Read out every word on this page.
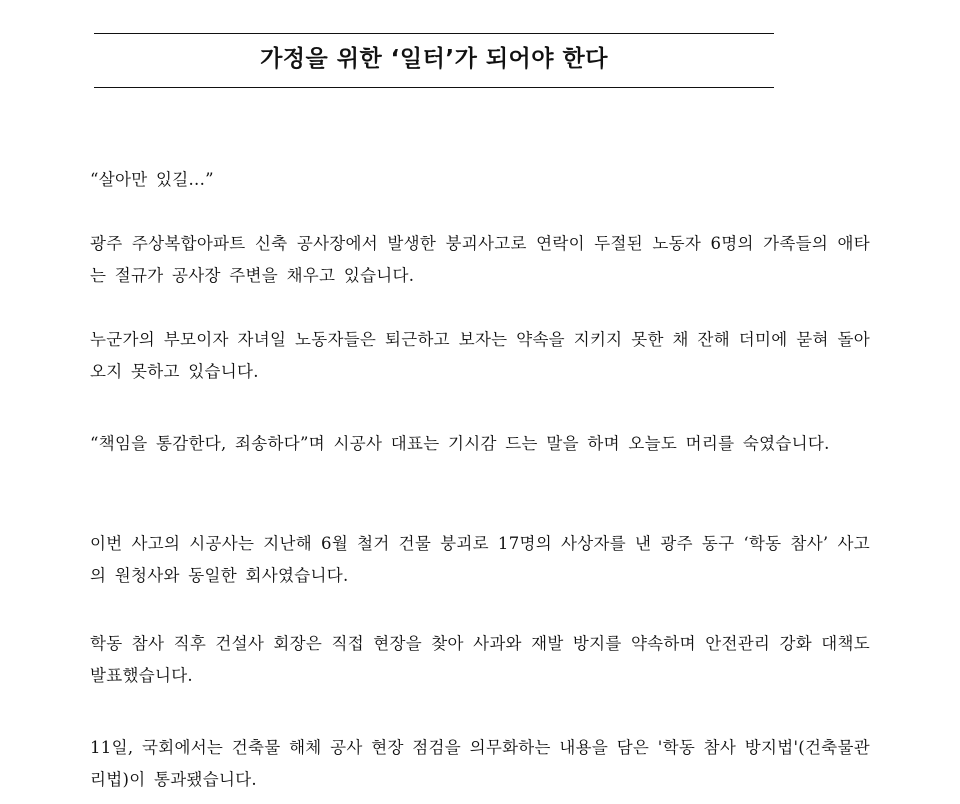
가정을 위한 ‘일터’가 되어야 한다

“살아만 있길...”

광주 주상복합아파트 신축 공사장에서 발생한 붕괴사고로 연락이 두절된 노동자 6명의 가족들의 애타는 절규가 공사장 주변을 채우고 있습니다.

누군가의 부모이자 자녀일 노동자들은 퇴근하고 보자는 약속을 지키지 못한 채 잔해 더미에 묻혀 돌아오지 못하고 있습니다.

“책임을 통감한다, 죄송하다”며 시공사 대표는 기시감 드는 말을 하며 오늘도 머리를 숙였습니다.

이번 사고의 시공사는 지난해 6월 철거 건물 붕괴로 17명의 사상자를 낸 광주 동구 ‘학동 참사’ 사고의 원청사와 동일한 회사였습니다.

학동 참사 직후 건설사 회장은 직접 현장을 찾아 사과와 재발 방지를 약속하며 안전관리 강화 대책도 발표했습니다.

11일, 국회에서는 건축물 해체 공사 현장 점검을 의무화하는 내용을 담은 '학동 참사 방지법'(건축물관리법)이 통과됐습니다.
